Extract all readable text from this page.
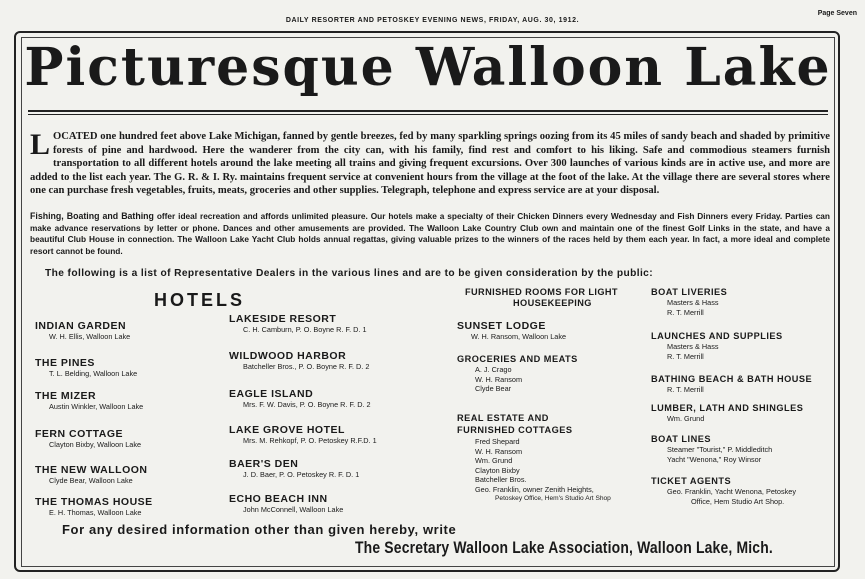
DAILY RESORTER AND PETOSKEY EVENING NEWS, FRIDAY, AUG. 30, 1912.
Page Seven
Picturesque Walloon Lake
LOCATED one hundred feet above Lake Michigan, fanned by gentle breezes, fed by many sparkling springs oozing from its 45 miles of sandy beach and shaded by primitive forests of pine and hardwood. Here the wanderer from the city can, with his family, find rest and comfort to his liking. Safe and commodious steamers furnish transportation to all different hotels around the lake meeting all trains and giving frequent excursions. Over 300 launches of various kinds are in active use, and more are added to the list each year. The G. R. & I. Ry. maintains frequent service at convenient hours from the village at the foot of the lake. At the village there are several stores where one can purchase fresh vegetables, fruits, meats, groceries and other supplies. Telegraph, telephone and express service are at your disposal.
Fishing, Boating and Bathing offer ideal recreation and affords unlimited pleasure. Our hotels make a specialty of their Chicken Dinners every Wednesday and Fish Dinners every Friday. Parties can make advance reservations by letter or phone. Dances and other amusements are provided. The Walloon Lake Country Club own and maintain one of the finest Golf Links in the state, and have a beautiful Club House in connection. The Walloon Lake Yacht Club holds annual regattas, giving valuable prizes to the winners of the races held by them each year. In fact, a more ideal and complete resort cannot be found.
The following is a list of Representative Dealers in the various lines and are to be given consideration by the public:
HOTELS
INDIAN GARDEN
W. H. Ellis, Walloon Lake
THE PINES
T. L. Belding, Walloon Lake
THE MIZER
Austin Winkler, Walloon Lake
FERN COTTAGE
Clayton Bixby, Walloon Lake
THE NEW WALLOON
Clyde Bear, Walloon Lake
THE THOMAS HOUSE
E. H. Thomas, Walloon Lake
LAKESIDE RESORT
C. H. Camburn, P. O. Boyne R. F. D. 1
WILDWOOD HARBOR
Batcheller Bros., P. O. Boyne R. F. D. 2
EAGLE ISLAND
Mrs. F. W. Davis, P. O. Boyne R. F. D. 2
LAKE GROVE HOTEL
Mrs. M. Rehkopf, P. O. Petoskey R.F.D. 1
BAER'S DEN
J. D. Baer, P. O. Petoskey R. F. D. 1
ECHO BEACH INN
John McConnell, Walloon Lake
FURNISHED ROOMS FOR LIGHT
HOUSEKEEPING
SUNSET LODGE
W. H. Ransom, Walloon Lake
GROCERIES AND MEATS
A. J. Crago
W. H. Ransom
Clyde Bear
REAL ESTATE AND
FURNISHED COTTAGES
Fred Shepard
W. H. Ransom
Wm. Grund
Clayton Bixby
Batcheller Bros.
Geo. Franklin, owner Zenith Heights,
Petoskey Office, Hem's Studio Art Shop
BOAT LIVERIES
Masters & Hass
R. T. Merrill
LAUNCHES AND SUPPLIES
Masters & Hass
R. T. Merrill
BATHING BEACH & BATH HOUSE
R. T. Merrill
LUMBER, LATH AND SHINGLES
Wm. Grund
BOAT LINES
Steamer "Tourist," P. Middleditch
Yacht "Wenona," Roy Winsor
TICKET AGENTS
Geo. Franklin, Yacht Wenona, Petoskey
Office, Hem Studio Art Shop.
For any desired information other than given hereby, write
The Secretary Walloon Lake Association, Walloon Lake, Mich.
